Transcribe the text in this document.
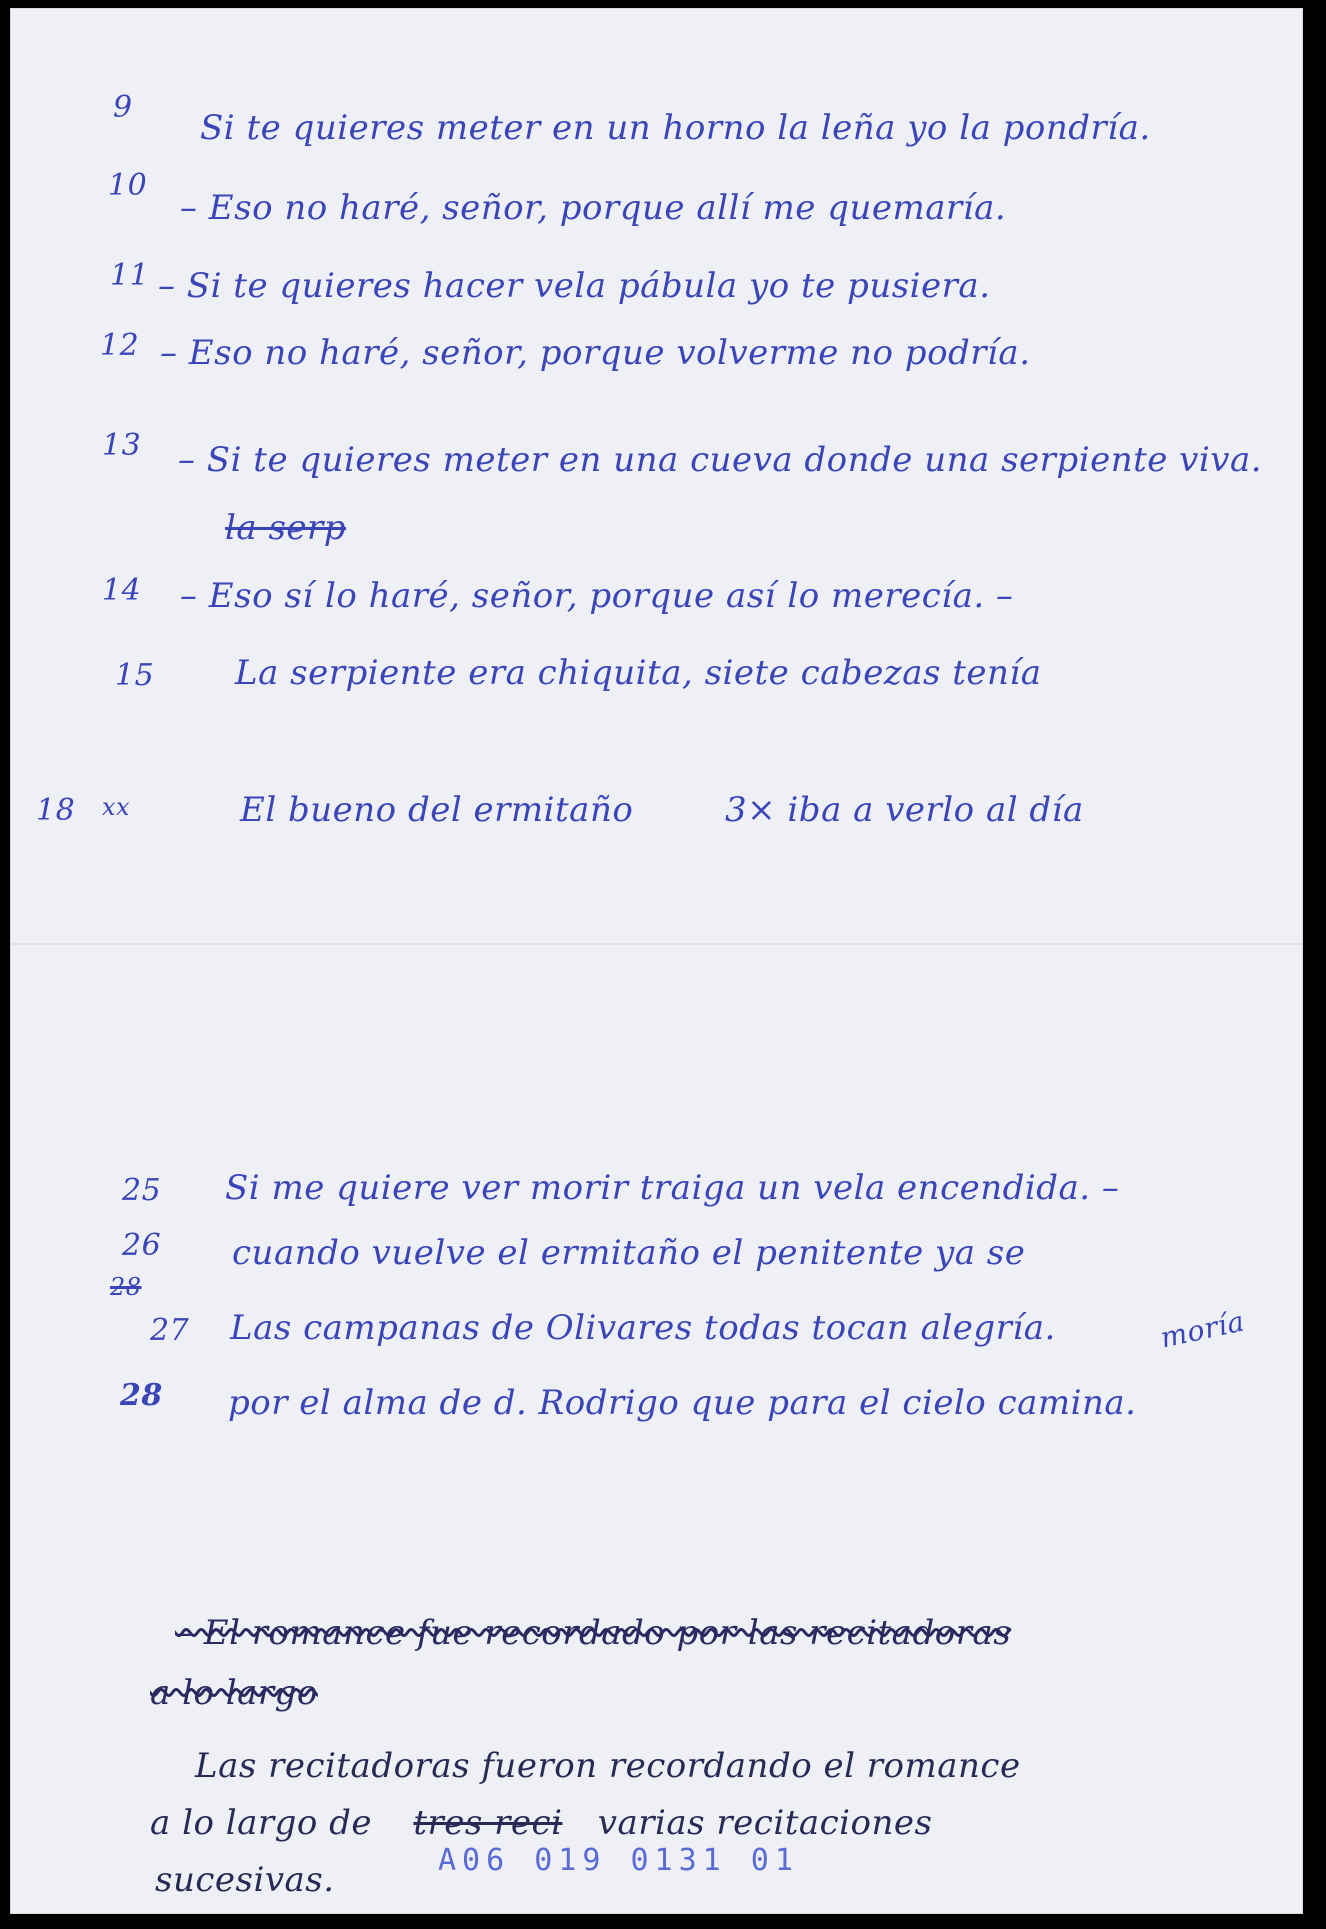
9
Si te quieres meter en un horno la leña yo la pondría.
10
– Eso no haré, señor, porque allí me quemaría.
11 – Si te quieres hacer vela pábula yo te pusiera.
12 – Eso no haré, señor, porque volverme no podría.
13 – Si te quieres meter en una cueva donde una serpiente viva.
la serp
14 – Eso sí lo haré, señor, porque así lo merecía. –
15 La serpiente era chiquita, siete cabezas tenía
18 xx	El bueno del ermitaño	3× iba a verlo al día
25 Si me quiere ver morir traiga un vela encendida. –
26 cuando vuelve el ermitaño el penitente ya se
28
27 Las campanas de Olivares todas tocan alegría.	moría
28 por el alma de d. Rodrigo que para el cielo camina.
– El romance fue recordado por las recitadoras
a lo largo
Las recitadoras fueron recordando el romance
a lo largo de tres reci varias recitaciones
sucesivas.	A06 019 0131 01
